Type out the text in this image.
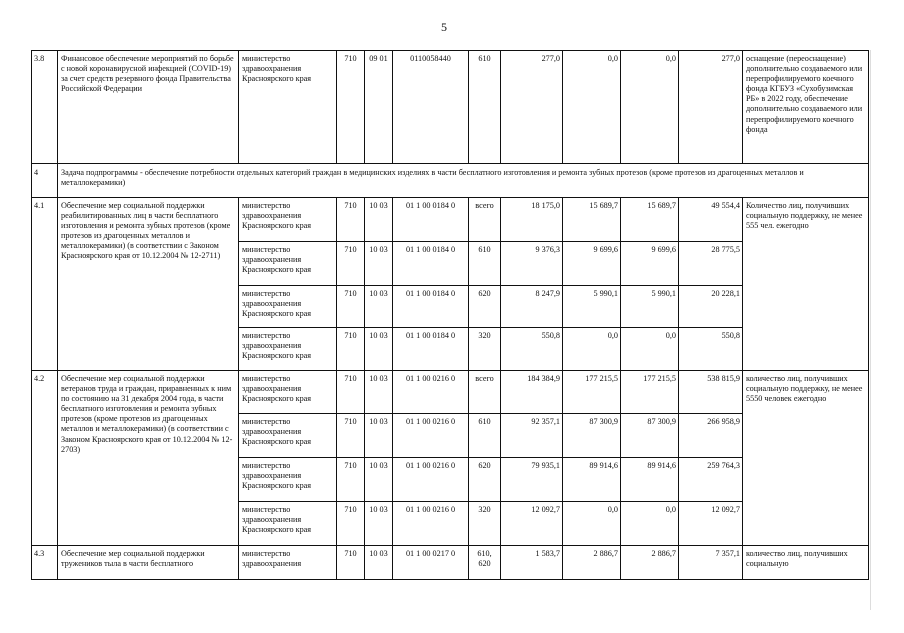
5
3.8	Финансовое обеспечение мероприятий по борьбе с новой коронавирусной инфекцией (COVID-19) за счет средств резервного фонда Правительства Российской Федерации	министерство здравоохранения Красноярского края	710	09 01	0110058440	610	277,0	0,0	0,0	277,0	оснащение (переоснащение) дополнительно создаваемого или перепрофилируемого коечного фонда КГБУЗ «Сухобузимская РБ» в 2022 году, обеспечение дополнительно создаваемого или перепрофилируемого коечного фонда
4	Задача подпрограммы - обеспечение потребности отдельных категорий граждан в медицинских изделиях в части бесплатного изготовления и ремонта зубных протезов (кроме протезов из драгоценных металлов и металлокерамики)										
4.1	Обеспечение мер социальной поддержки реабилитированных лиц в части бесплатного изготовления и ремонта зубных протезов (кроме протезов из драгоценных металлов и металлокерамики) (в соответствии с Законом Красноярского края от 10.12.2004 № 12-2711)	министерство здравоохранения Красноярского края	710	10 03	01 1 00 0184 0	всего	18 175,0	15 689,7	15 689,7	49 554,4	Количество лиц, получивших социальную поддержку, не менее 555 чел. ежегодно
		министерство здравоохранения Красноярского края	710	10 03	01 1 00 0184 0	610	9 376,3	9 699,6	9 699,6	28 775,5	
		министерство здравоохранения Красноярского края	710	10 03	01 1 00 0184 0	620	8 247,9	5 990,1	5 990,1	20 228,1	
		министерство здравоохранения Красноярского края	710	10 03	01 1 00 0184 0	320	550,8	0,0	0,0	550,8	
4.2	Обеспечение мер социальной поддержки ветеранов труда и граждан, приравненных к ним по состоянию на 31 декабря 2004 года, в части бесплатного изготовления и ремонта зубных протезов (кроме протезов из драгоценных металлов и металлокерамики) (в соответствии с Законом Красноярского края от 10.12.2004 № 12-2703)	министерство здравоохранения Красноярского края	710	10 03	01 1 00 0216 0	всего	184 384,9	177 215,5	177 215,5	538 815,9	количество лиц, получивших социальную поддержку, не менее 5550 человек ежегодно
		министерство здравоохранения Красноярского края	710	10 03	01 1 00 0216 0	610	92 357,1	87 300,9	87 300,9	266 958,9	
		министерство здравоохранения Красноярского края	710	10 03	01 1 00 0216 0	620	79 935,1	89 914,6	89 914,6	259 764,3	
		министерство здравоохранения Красноярского края	710	10 03	01 1 00 0216 0	320	12 092,7	0,0	0,0	12 092,7	
4.3	Обеспечение мер социальной поддержки тружеников тыла в части бесплатного	министерство здравоохранения	710	10 03	01 1 00 0217 0	610, 620	1 583,7	2 886,7	2 886,7	7 357,1	количество лиц, получивших социальную
